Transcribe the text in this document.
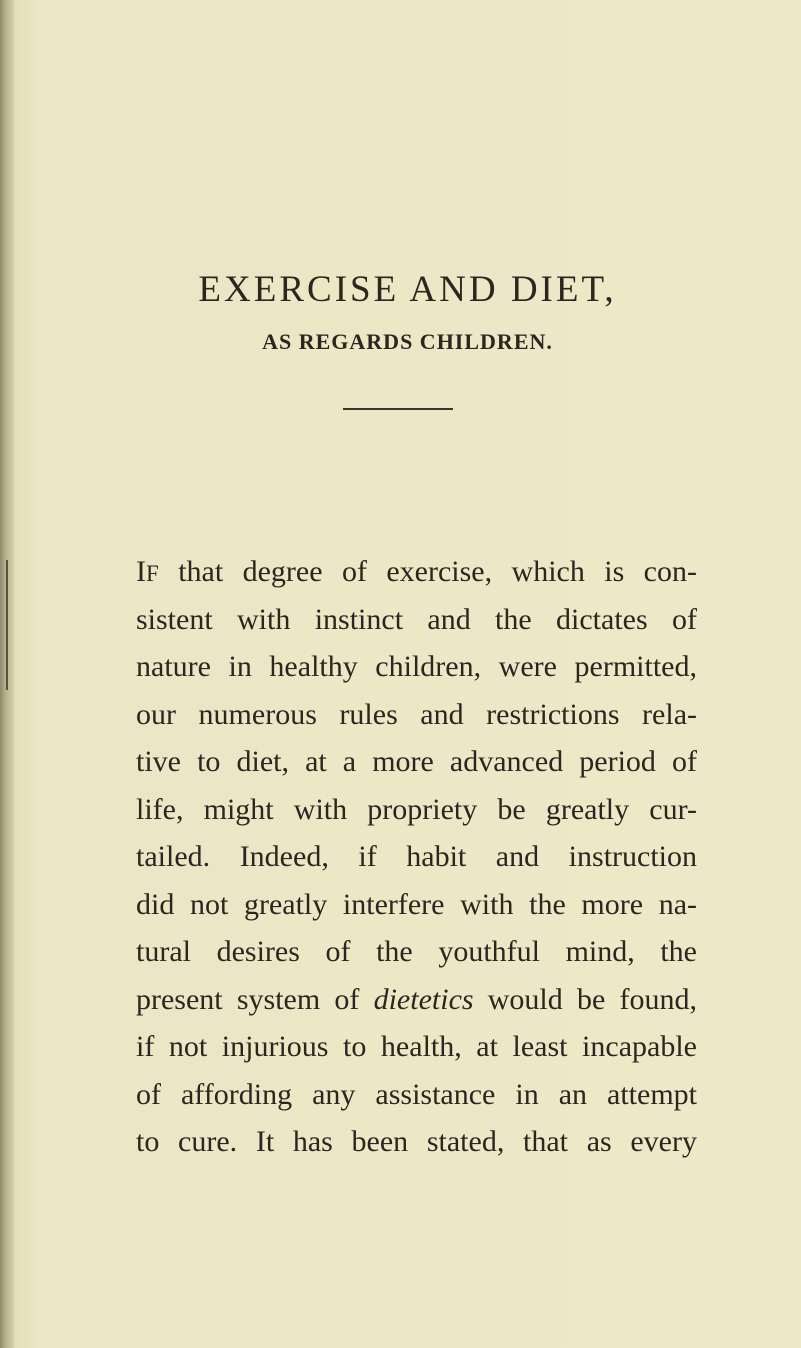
EXERCISE AND DIET,
AS REGARDS CHILDREN.
IF that degree of exercise, which is con-
sistent with instinct and the dictates of
nature in healthy children, were permitted,
our numerous rules and restrictions rela-
tive to diet, at a more advanced period of
life, might with propriety be greatly cur-
tailed. Indeed, if habit and instruction
did not greatly interfere with the more na-
tural desires of the youthful mind, the
present system of dietetics would be found,
if not injurious to health, at least incapable
of affording any assistance in an attempt
to cure. It has been stated, that as every
